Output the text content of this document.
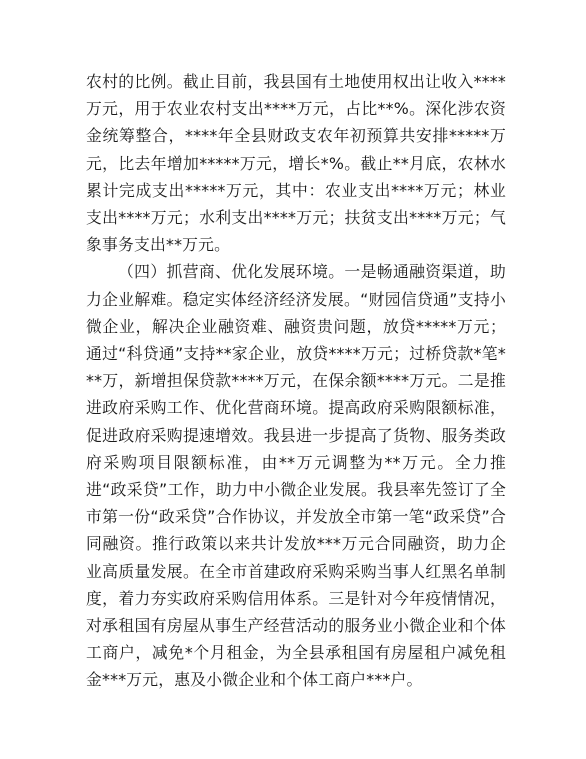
农村的比例。截止目前，我县国有土地使用权出让收入****万元，用于农业农村支出****万元，占比**%。深化涉农资金统筹整合，****年全县财政支农年初预算共安排*****万元，比去年增加*****万元，增长*%。截止**月底，农林水累计完成支出*****万元，其中：农业支出****万元；林业支出****万元；水利支出****万元；扶贫支出****万元；气象事务支出**万元。

（四）抓营商、优化发展环境。一是畅通融资渠道，助力企业解难。稳定实体经济经济发展。“财园信贷通”支持小微企业，解决企业融资难、融资贵问题，放贷*****万元；通过“科贷通”支持**家企业，放贷****万元；过桥贷款*笔***万，新增担保贷款****万元，在保余额****万元。二是推进政府采购工作、优化营商环境。提高政府采购限额标准，促进政府采购提速增效。我县进一步提高了货物、服务类政府采购项目限额标准，由**万元调整为**万元。全力推进“政采贷”工作，助力中小微企业发展。我县率先签订了全市第一份“政采贷”合作协议，并发放全市第一笔“政采贷”合同融资。推行政策以来共计发放***万元合同融资，助力企业高质量发展。在全市首建政府采购采购当事人红黑名单制度，着力夯实政府采购信用体系。三是针对今年疫情情况，对承租国有房屋从事生产经营活动的服务业小微企业和个体工商户，减免*个月租金，为全县承租国有房屋租户减免租金***万元，惠及小微企业和个体工商户***户。
